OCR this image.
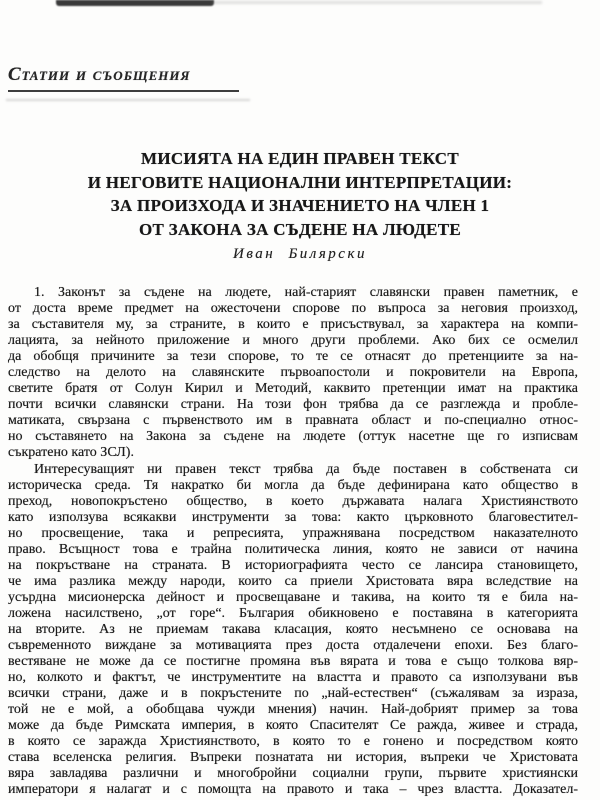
Статии и съобщения
МИСИЯТА НА ЕДИН ПРАВЕН ТЕКСТ
И НЕГОВИТЕ НАЦИОНАЛНИ ИНТЕРПРЕТАЦИИ:
ЗА ПРОИЗХОДА И ЗНАЧЕНИЕТО НА ЧЛЕН 1
ОТ ЗАКОНА ЗА СЪДЕНЕ НА ЛЮДЕТЕ
Иван Билярски
1. Законът за съдене на людете, най-старият славянски правен паметник, е
от доста време предмет на ожесточени спорове по въпроса за неговия произход,
за съставителя му, за страните, в които е присъствувал, за характера на компи-
лацията, за нейното приложение и много други проблеми. Ако бих се осмелил
да обобщя причините за тези спорове, то те се отнасят до претенциите за на-
следство на делото на славянските първоапостоли и покровители на Европа,
светите братя от Солун Кирил и Методий, каквито претенции имат на практика
почти всички славянски страни. На този фон трябва да се разглежда и пробле-
матиката, свързана с първенството им в правната област и по-специално относ-
но съставянето на Закона за съдене на людете (оттук насетне ще го изписвам
съкратено като ЗСЛ).
Интересуващият ни правен текст трябва да бъде поставен в собствената си
историческа среда. Тя накратко би могла да бъде дефинирана като общество в
преход, новопокръстено общество, в което държавата налага Християнството
като използува всякакви инструменти за това: както църковното благовестител-
но просвещение, така и репресията, упражнявана посредством наказателното
право. Всъщност това е трайна политическа линия, която не зависи от начина
на покръстване на страната. В историографията често се лансира становището,
че има разлика между народи, които са приели Христовата вяра вследствие на
усърдна мисионерска дейност и просвещаване и такива, на които тя е била на-
ложена насилствено, „от горе“. България обикновено е поставяна в категорията
на вторите. Аз не приемам такава класация, която несъмнено се основава на
съвременното виждане за мотивацията през доста отдалечени епохи. Без благо-
вестяване не може да се постигне промяна във вярата и това е също толкова вяр-
но, колкото и фактът, че инструментите на властта и правото са използувани във
всички страни, даже и в покръстените по „най-естествен“ (съжалявам за израза,
той не е мой, а обобщава чужди мнения) начин. Най-добрият пример за това
може да бъде Римската империя, в която Спасителят Се ражда, живее и страда,
в която се заражда Християнството, в която то е гонено и посредством която
става вселенска религия. Въпреки познатата ни история, въпреки че Христовата
вяра завладява различни и многобройни социални групи, първите християнски
императори я налагат и с помощта на правото и така – чрез властта. Доказател-
